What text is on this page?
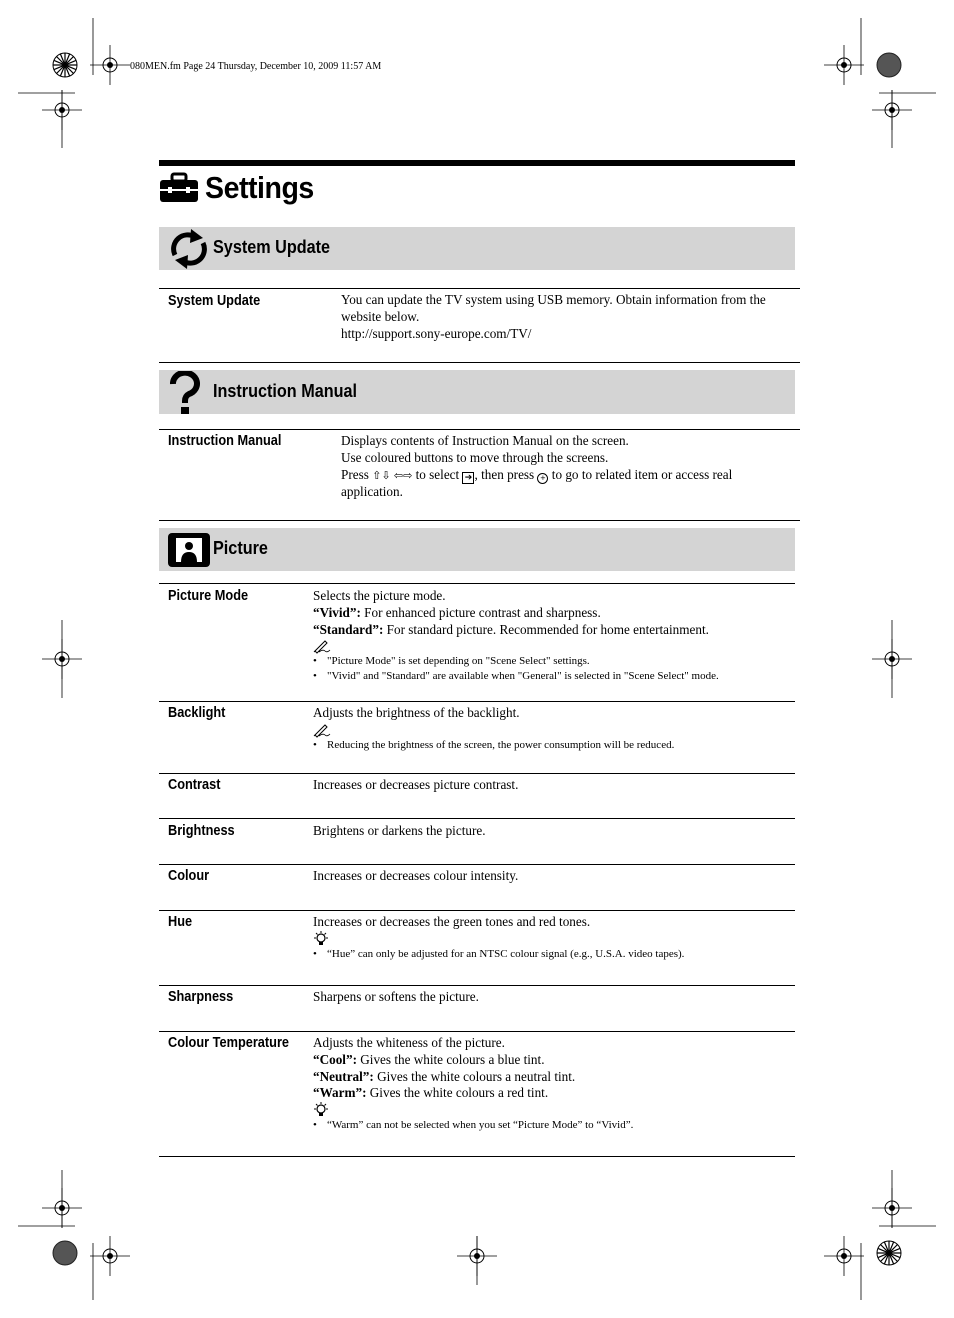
080MEN.fm Page 24 Thursday, December 10, 2009 11:57 AM
Settings
System Update
System Update	You can update the TV system using USB memory. Obtain information from the
website below.
http://support.sony-europe.com/TV/
Instruction Manual
Instruction Manual	Displays contents of Instruction Manual on the screen.
Use coloured buttons to move through the screens.
Press ⇧⇩ ⇦⇨ to select ➔ , then press + to go to related item or access real
application.
Picture
Picture Mode	Selects the picture mode.
“Vivid”: For enhanced picture contrast and sharpness.
“Standard”: For standard picture. Recommended for home entertainment.
• "Picture Mode" is set depending on "Scene Select" settings.
• "Vivid" and "Standard" are available when "General" is selected in "Scene Select" mode.
Backlight	Adjusts the brightness of the backlight.
• Reducing the brightness of the screen, the power consumption will be reduced.
Contrast	Increases or decreases picture contrast.
Brightness	Brightens or darkens the picture.
Colour	Increases or decreases colour intensity.
Hue	Increases or decreases the green tones and red tones.
• “Hue” can only be adjusted for an NTSC colour signal (e.g., U.S.A. video tapes).
Sharpness	Sharpens or softens the picture.
Colour Temperature Adjusts the whiteness of the picture.
“Cool”: Gives the white colours a blue tint.
“Neutral”: Gives the white colours a neutral tint.
“Warm”: Gives the white colours a red tint.
• “Warm” can not be selected when you set “Picture Mode” to “Vivid”.
